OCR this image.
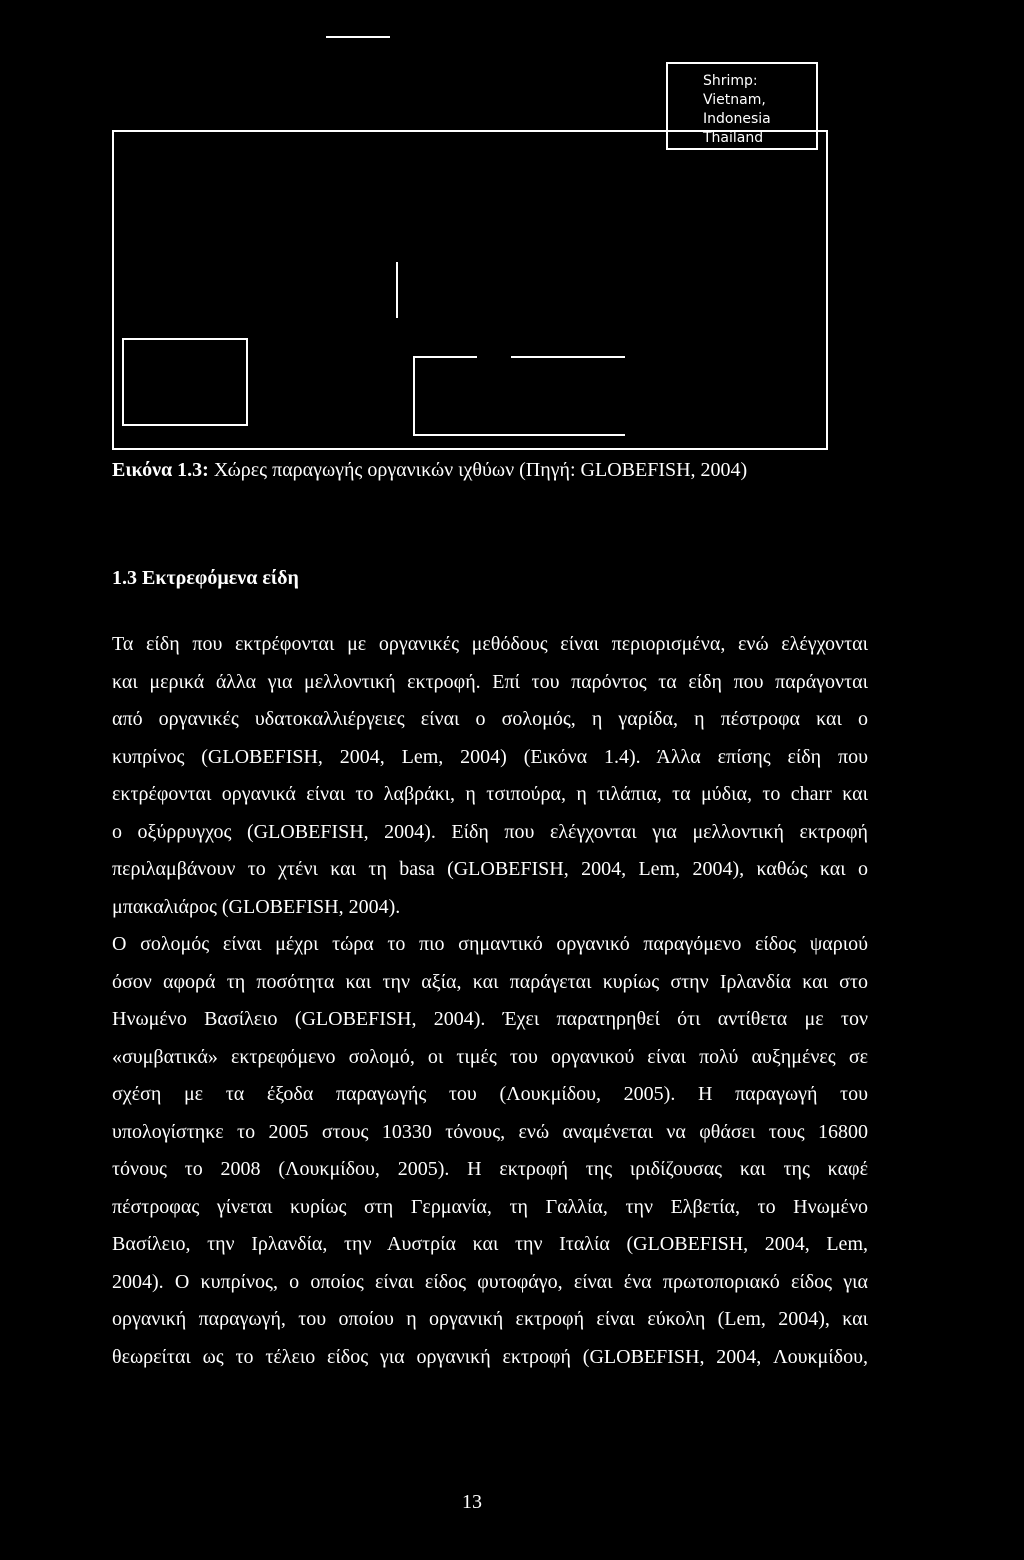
Shrimp:
Vietnam,
Indonesia
Thailand
Εικόνα 1.3: Χώρες παραγωγής οργανικών ιχθύων (Πηγή: GLOBEFISH, 2004)
1.3 Εκτρεφόμενα είδη
Τα είδη που εκτρέφονται με οργανικές μεθόδους είναι περιορισμένα, ενώ ελέγχονται
και μερικά άλλα για μελλοντική εκτροφή. Επί του παρόντος τα είδη που παράγονται
από οργανικές υδατοκαλλιέργειες είναι ο σολομός, η γαρίδα, η πέστροφα και ο
κυπρίνος (GLOBEFISH, 2004, Lem, 2004) (Εικόνα 1.4). Άλλα επίσης είδη που
εκτρέφονται οργανικά είναι το λαβράκι, η τσιπούρα, η τιλάπια, τα μύδια, το charr και
ο οξύρρυγχος (GLOBEFISH, 2004). Είδη που ελέγχονται για μελλοντική εκτροφή
περιλαμβάνουν το χτένι και τη basa (GLOBEFISH, 2004, Lem, 2004), καθώς και ο
μπακαλιάρος (GLOBEFISH, 2004).
Ο σολομός είναι μέχρι τώρα το πιο σημαντικό οργανικό παραγόμενο είδος ψαριού
όσον αφορά τη ποσότητα και την αξία, και παράγεται κυρίως στην Ιρλανδία και στο
Ηνωμένο Βασίλειο (GLOBEFISH, 2004). Έχει παρατηρηθεί ότι αντίθετα με τον
«συμβατικά» εκτρεφόμενο σολομό, οι τιμές του οργανικού είναι πολύ αυξημένες σε
σχέση με τα έξοδα παραγωγής του (Λουκμίδου, 2005). Η παραγωγή του
υπολογίστηκε το 2005 στους 10330 τόνους, ενώ αναμένεται να φθάσει τους 16800
τόνους το 2008 (Λουκμίδου, 2005). Η εκτροφή της ιριδίζουσας και της καφέ
πέστροφας γίνεται κυρίως στη Γερμανία, τη Γαλλία, την Ελβετία, το Ηνωμένο
Βασίλειο, την Ιρλανδία, την Αυστρία και την Ιταλία (GLOBEFISH, 2004, Lem,
2004). Ο κυπρίνος, ο οποίος είναι είδος φυτοφάγο, είναι ένα πρωτοποριακό είδος για
οργανική παραγωγή, του οποίου η οργανική εκτροφή είναι εύκολη (Lem, 2004), και
θεωρείται ως το τέλειο είδος για οργανική εκτροφή (GLOBEFISH, 2004, Λουκμίδου,
13
